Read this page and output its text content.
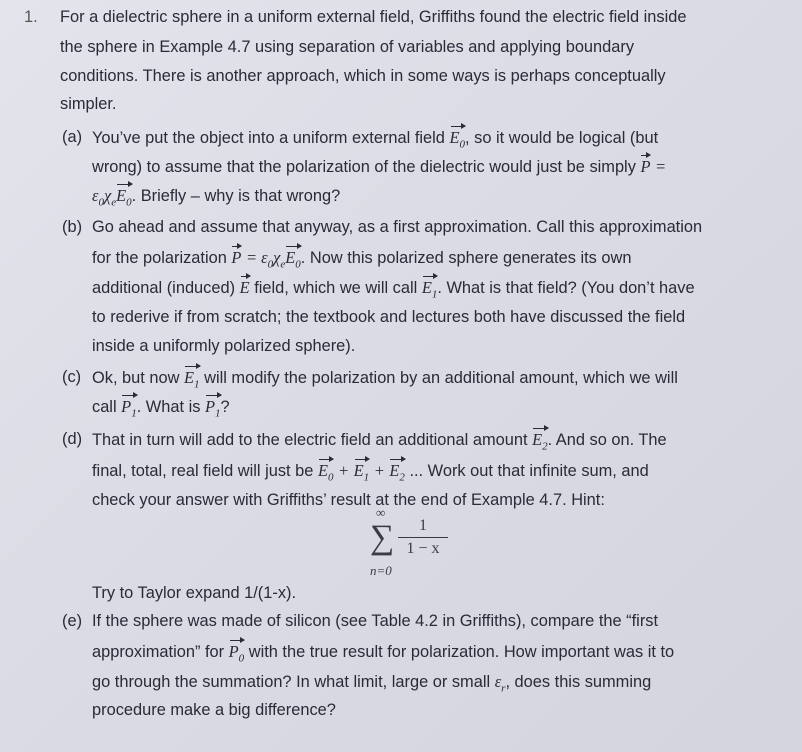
1. For a dielectric sphere in a uniform external field, Griffiths found the electric field inside
the sphere in Example 4.7 using separation of variables and applying boundary
conditions. There is another approach, which in some ways is perhaps conceptually
simpler.
(a) You’ve put the object into a uniform external field $E_0$, so it would be logical (but
wrong) to assume that the polarization of the dielectric would just be simply P =
$\varepsilon_0\chi_eE_0$. Briefly – why is that wrong?
(b) Go ahead and assume that anyway, as a first approximation. Call this approximation
for the polarization $P = \varepsilon_0\chi_eE_0$. Now this polarized sphere generates its own
additional (induced) E field, which we will call $E_1$. What is that field? (You don’t have
to rederive if from scratch; the textbook and lectures both have discussed the field
inside a uniformly polarized sphere).
(c) Ok, but now $E_1$ will modify the polarization by an additional amount, which we will
call $P_1$. What is $P_1$?
(d) That in turn will add to the electric field an additional amount $E_2$. And so on. The
final, total, real field will just be $E_0 + E_1 + E_2$ ... Work out that infinite sum, and
check your answer with Griffiths’ result at the end of Example 4.7. Hint:
∞
∑	1
1 − x
n=0
Try to Taylor expand 1/(1-x).
(e) If the sphere was made of silicon (see Table 4.2 in Griffiths), compare the “first
approximation” for $P_0$ with the true result for polarization. How important was it to
go through the summation? In what limit, large or small $\varepsilon_r$, does this summing
procedure make a big difference?
